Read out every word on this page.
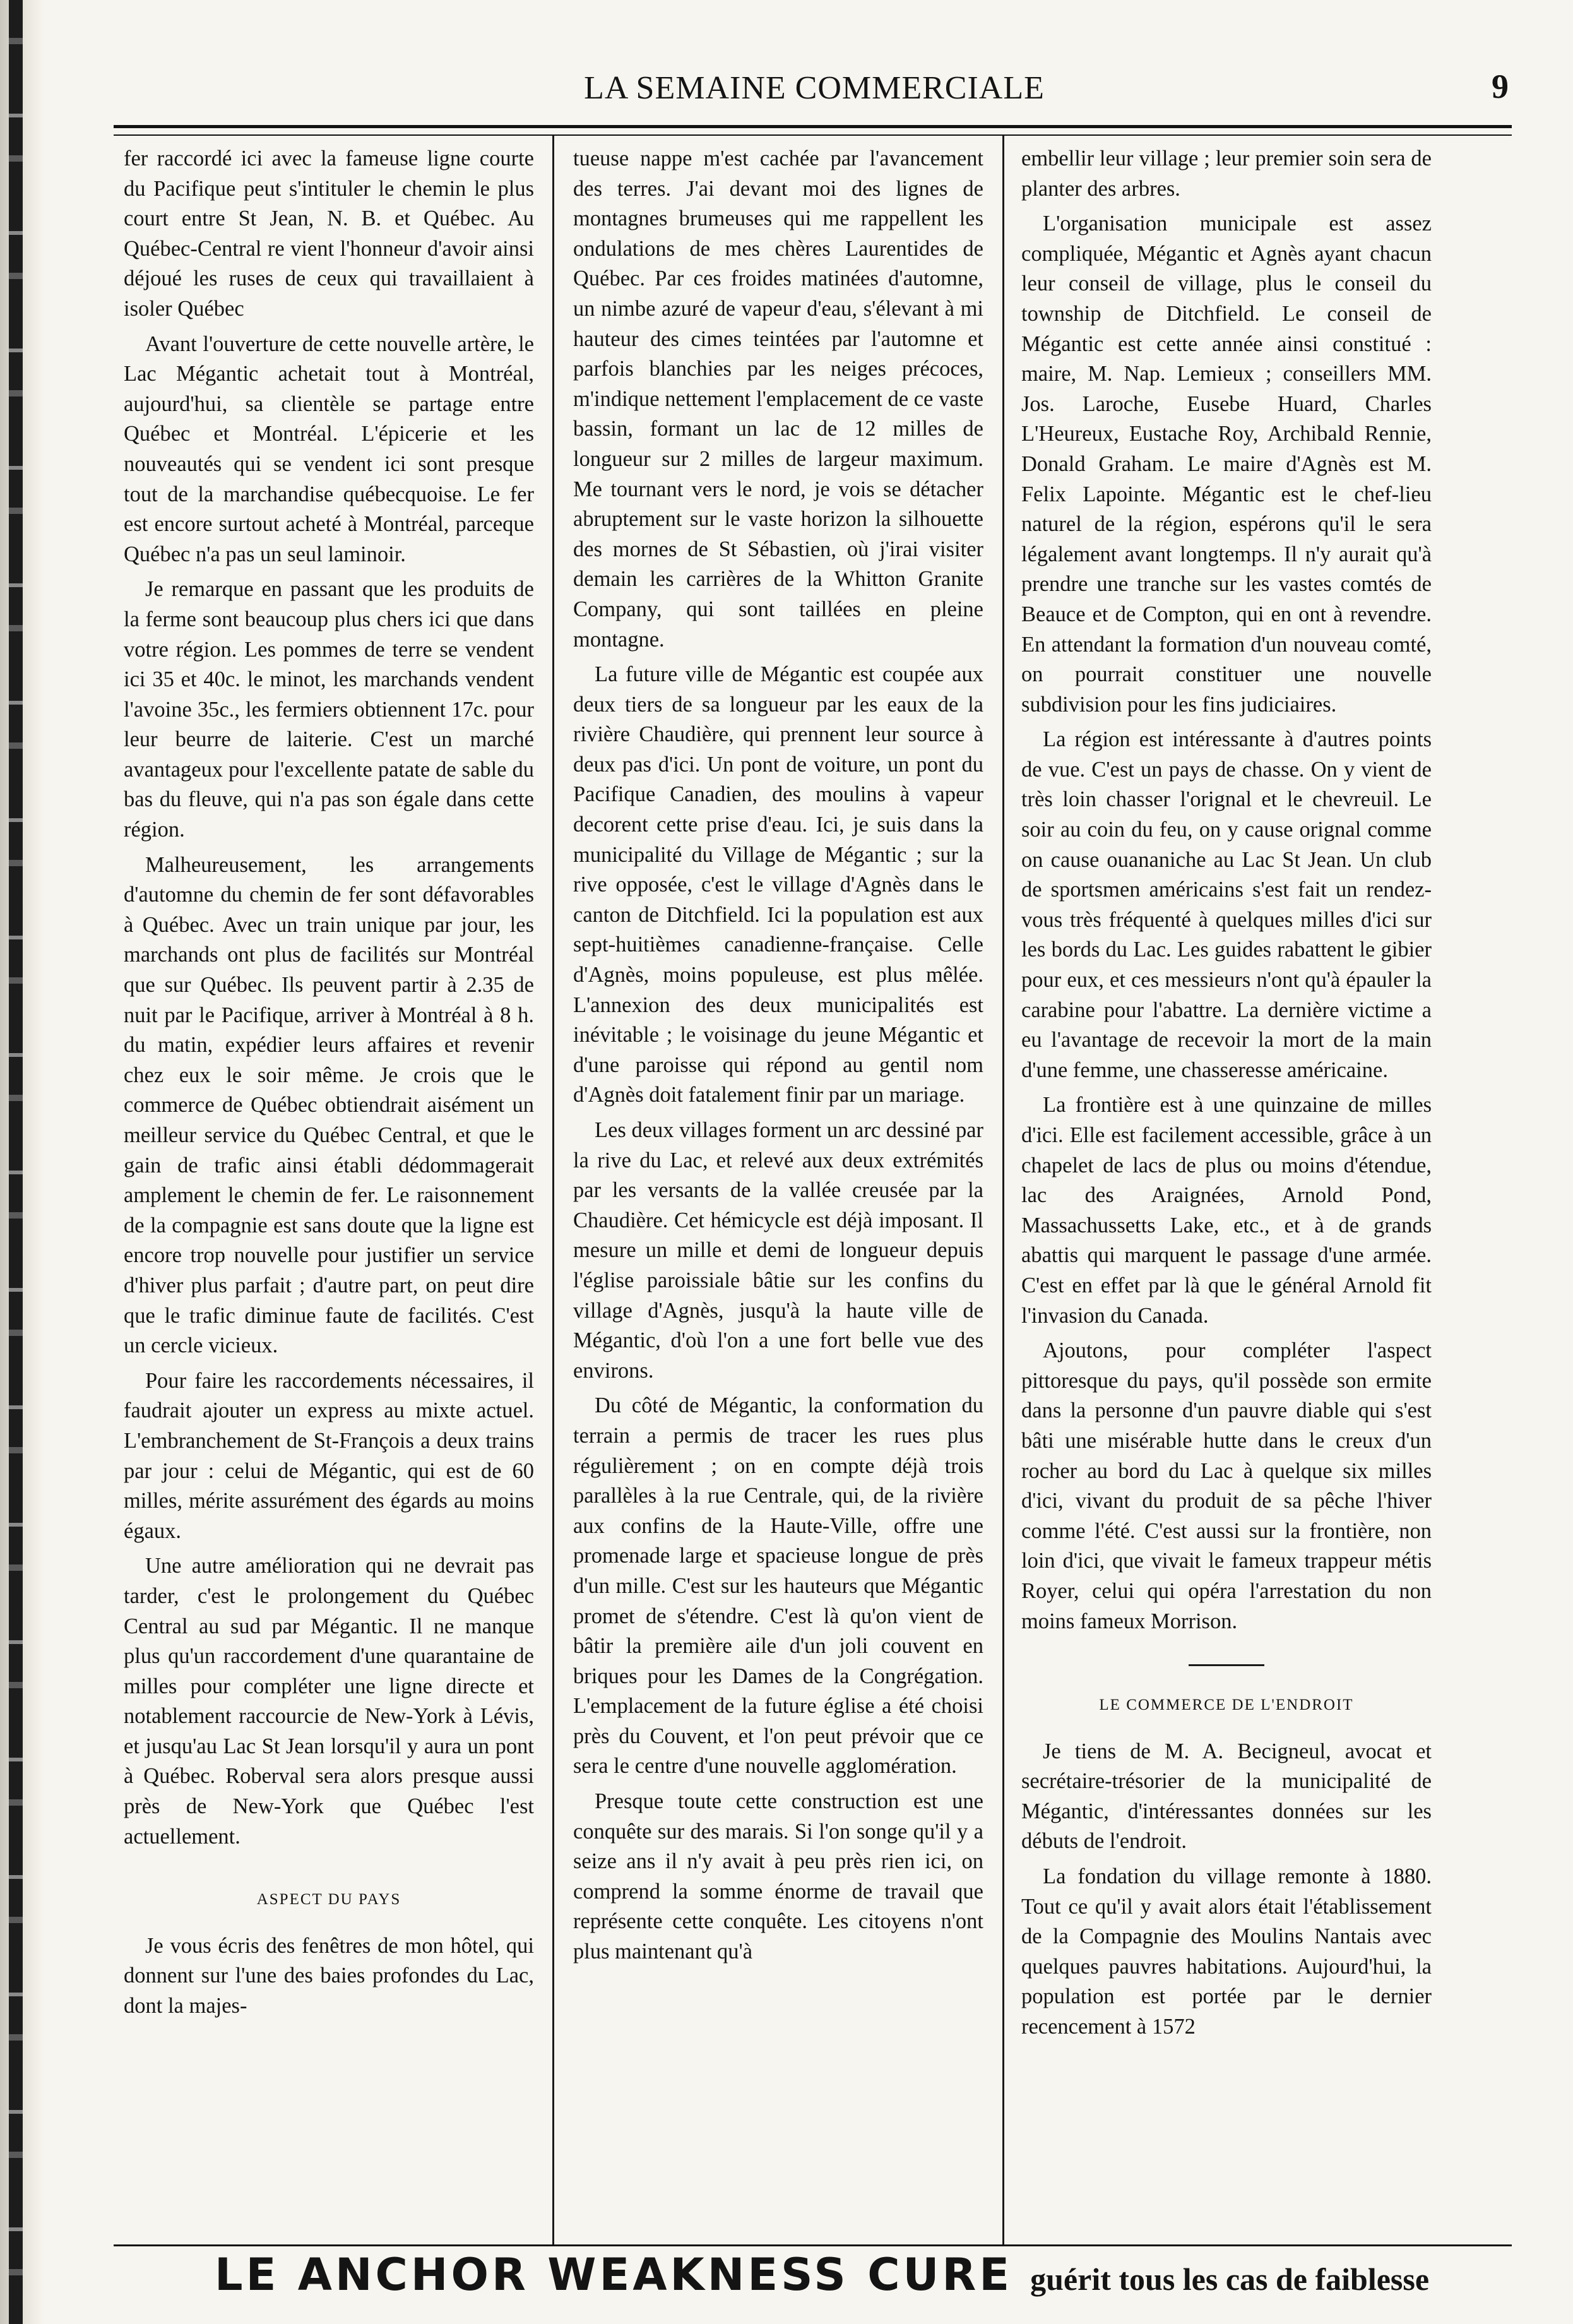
LA SEMAINE COMMERCIALE	9

fer raccordé ici avec la fameuse ligne courte du Pacifique peut s'intituler le chemin le plus court entre St Jean, N. B. et Québec. Au Québec-Central re vient l'honneur d'avoir ainsi déjoué les ruses de ceux qui travaillaient à isoler Québec

Avant l'ouverture de cette nouvelle artère, le Lac Mégantic achetait tout à Montréal, aujourd'hui, sa clientèle se partage entre Québec et Montréal. L'épicerie et les nouveautés qui se vendent ici sont presque tout de la marchandise québecquoise. Le fer est encore surtout acheté à Montréal, parceque Québec n'a pas un seul laminoir.

Je remarque en passant que les produits de la ferme sont beaucoup plus chers ici que dans votre région. Les pommes de terre se vendent ici 35 et 40c. le minot, les marchands vendent l'avoine 35c., les fermiers obtiennent 17c. pour leur beurre de laiterie. C'est un marché avantageux pour l'excellente patate de sable du bas du fleuve, qui n'a pas son égale dans cette région.

Malheureusement, les arrangements d'automne du chemin de fer sont défavorables à Québec. Avec un train unique par jour, les marchands ont plus de facilités sur Montréal que sur Québec. Ils peuvent partir à 2.35 de nuit par le Pacifique, arriver à Montréal à 8 h. du matin, expédier leurs affaires et revenir chez eux le soir même. Je crois que le commerce de Québec obtiendrait aisément un meilleur service du Québec Central, et que le gain de trafic ainsi établi dédommagerait amplement le chemin de fer. Le raisonnement de la compagnie est sans doute que la ligne est encore trop nouvelle pour justifier un service d'hiver plus parfait ; d'autre part, on peut dire que le trafic diminue faute de facilités. C'est un cercle vicieux.

Pour faire les raccordements nécessaires, il faudrait ajouter un express au mixte actuel. L'embranchement de St-François a deux trains par jour : celui de Mégantic, qui est de 60 milles, mérite assurément des égards au moins égaux.

Une autre amélioration qui ne devrait pas tarder, c'est le prolongement du Québec Central au sud par Mégantic. Il ne manque plus qu'un raccordement d'une quarantaine de milles pour compléter une ligne directe et notablement raccourcie de New-York à Lévis, et jusqu'au Lac St Jean lorsqu'il y aura un pont à Québec. Roberval sera alors presque aussi près de New-York que Québec l'est actuellement.

ASPECT DU PAYS

Je vous écris des fenêtres de mon hôtel, qui donnent sur l'une des baies profondes du Lac, dont la majes-

tueuse nappe m'est cachée par l'avancement des terres. J'ai devant moi des lignes de montagnes brumeuses qui me rappellent les ondulations de mes chères Laurentides de Québec. Par ces froides matinées d'automne, un nimbe azuré de vapeur d'eau, s'élevant à mi hauteur des cimes teintées par l'automne et parfois blanchies par les neiges précoces, m'indique nettement l'emplacement de ce vaste bassin, formant un lac de 12 milles de longueur sur 2 milles de largeur maximum. Me tournant vers le nord, je vois se détacher abruptement sur le vaste horizon la silhouette des mornes de St Sébastien, où j'irai visiter demain les carrières de la Whitton Granite Company, qui sont taillées en pleine montagne.

La future ville de Mégantic est coupée aux deux tiers de sa longueur par les eaux de la rivière Chaudière, qui prennent leur source à deux pas d'ici. Un pont de voiture, un pont du Pacifique Canadien, des moulins à vapeur decorent cette prise d'eau. Ici, je suis dans la municipalité du Village de Mégantic ; sur la rive opposée, c'est le village d'Agnès dans le canton de Ditchfield. Ici la population est aux sept-huitièmes canadienne-française. Celle d'Agnès, moins populeuse, est plus mêlée. L'annexion des deux municipalités est inévitable ; le voisinage du jeune Mégantic et d'une paroisse qui répond au gentil nom d'Agnès doit fatalement finir par un mariage.

Les deux villages forment un arc dessiné par la rive du Lac, et relevé aux deux extrémités par les versants de la vallée creusée par la Chaudière. Cet hémicycle est déjà imposant. Il mesure un mille et demi de longueur depuis l'église paroissiale bâtie sur les confins du village d'Agnès, jusqu'à la haute ville de Mégantic, d'où l'on a une fort belle vue des environs.

Du côté de Mégantic, la conformation du terrain a permis de tracer les rues plus régulièrement ; on en compte déjà trois parallèles à la rue Centrale, qui, de la rivière aux confins de la Haute-Ville, offre une promenade large et spacieuse longue de près d'un mille. C'est sur les hauteurs que Mégantic promet de s'étendre. C'est là qu'on vient de bâtir la première aile d'un joli couvent en briques pour les Dames de la Congrégation. L'emplacement de la future église a été choisi près du Couvent, et l'on peut prévoir que ce sera le centre d'une nouvelle agglomération.

Presque toute cette construction est une conquête sur des marais. Si l'on songe qu'il y a seize ans il n'y avait à peu près rien ici, on comprend la somme énorme de travail que représente cette conquête. Les citoyens n'ont plus maintenant qu'à

embellir leur village ; leur premier soin sera de planter des arbres.

L'organisation municipale est assez compliquée, Mégantic et Agnès ayant chacun leur conseil de village, plus le conseil du township de Ditchfield. Le conseil de Mégantic est cette année ainsi constitué : maire, M. Nap. Lemieux ; conseillers MM. Jos. Laroche, Eusebe Huard, Charles L'Heureux, Eustache Roy, Archibald Rennie, Donald Graham. Le maire d'Agnès est M. Felix Lapointe. Mégantic est le chef-lieu naturel de la région, espérons qu'il le sera légalement avant longtemps. Il n'y aurait qu'à prendre une tranche sur les vastes comtés de Beauce et de Compton, qui en ont à revendre. En attendant la formation d'un nouveau comté, on pourrait constituer une nouvelle subdivision pour les fins judiciaires.

La région est intéressante à d'autres points de vue. C'est un pays de chasse. On y vient de très loin chasser l'orignal et le chevreuil. Le soir au coin du feu, on y cause orignal comme on cause ouananiche au Lac St Jean. Un club de sportsmen américains s'est fait un rendez-vous très fréquenté à quelques milles d'ici sur les bords du Lac. Les guides rabattent le gibier pour eux, et ces messieurs n'ont qu'à épauler la carabine pour l'abattre. La dernière victime a eu l'avantage de recevoir la mort de la main d'une femme, une chasseresse américaine.

La frontière est à une quinzaine de milles d'ici. Elle est facilement accessible, grâce à un chapelet de lacs de plus ou moins d'étendue, lac des Araignées, Arnold Pond, Massachussetts Lake, etc., et à de grands abattis qui marquent le passage d'une armée. C'est en effet par là que le général Arnold fit l'invasion du Canada.

Ajoutons, pour compléter l'aspect pittoresque du pays, qu'il possède son ermite dans la personne d'un pauvre diable qui s'est bâti une misérable hutte dans le creux d'un rocher au bord du Lac à quelque six milles d'ici, vivant du produit de sa pêche l'hiver comme l'été. C'est aussi sur la frontière, non loin d'ici, que vivait le fameux trappeur métis Royer, celui qui opéra l'arrestation du non moins fameux Morrison.

LE COMMERCE DE L'ENDROIT

Je tiens de M. A. Becigneul, avocat et secrétaire-trésorier de la municipalité de Mégantic, d'intéressantes données sur les débuts de l'endroit.

La fondation du village remonte à 1880. Tout ce qu'il y avait alors était l'établissement de la Compagnie des Moulins Nantais avec quelques pauvres habitations. Aujourd'hui, la population est portée par le dernier recencement à 1572

LE ANCHOR WEAKNESS CURE guérit tous les cas de faiblesse
